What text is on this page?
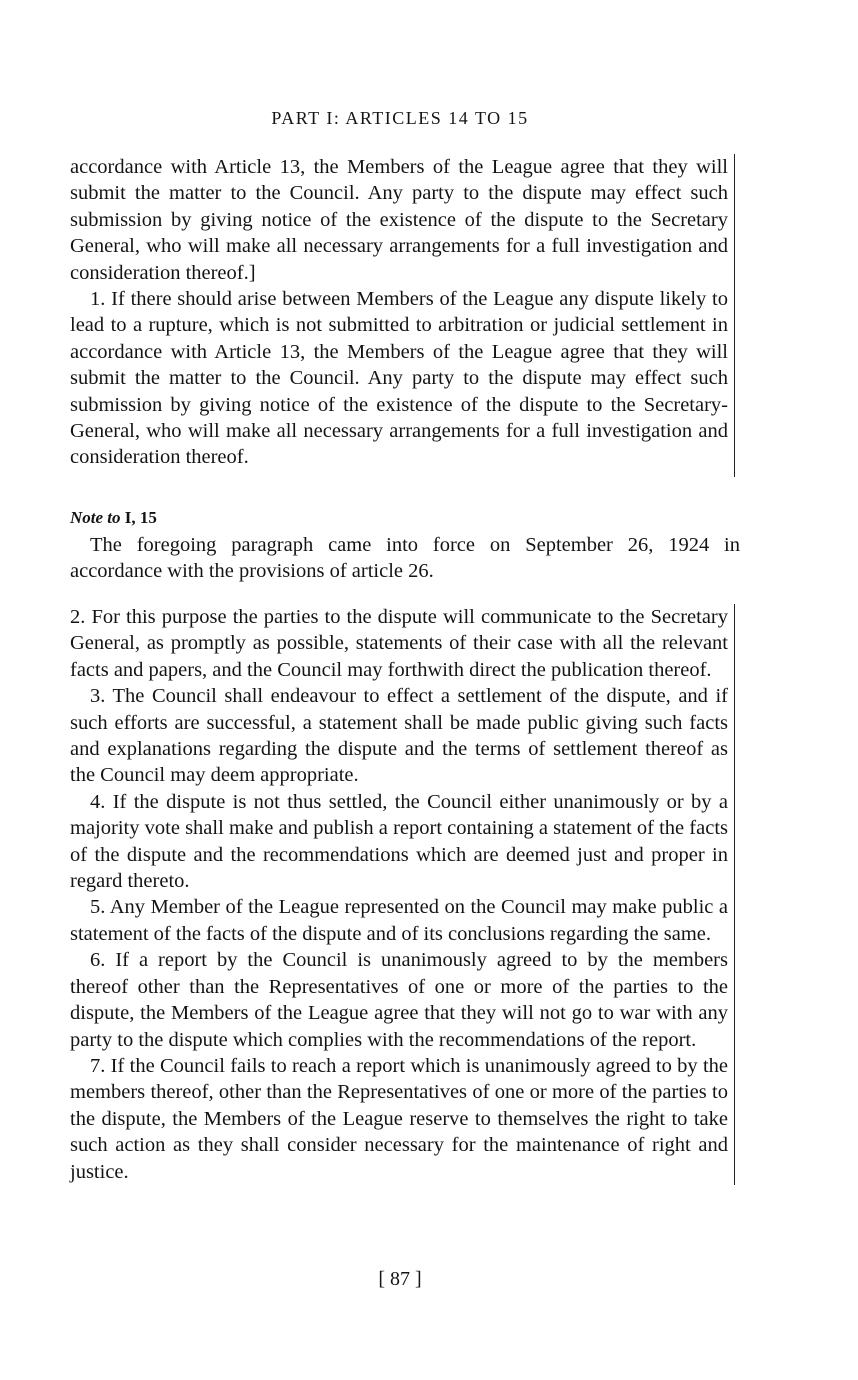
PART I: ARTICLES 14 TO 15

accordance with Article 13, the Members of the League agree that they will submit the matter to the Council. Any party to the dispute may effect such submission by giving notice of the existence of the dispute to the Secretary General, who will make all necessary arrangements for a full investigation and consideration thereof.]

1. If there should arise between Members of the League any dispute likely to lead to a rupture, which is not submitted to arbitration or judicial settlement in accordance with Article 13, the Members of the League agree that they will submit the matter to the Council. Any party to the dispute may effect such submission by giving notice of the existence of the dispute to the Secretary-General, who will make all necessary arrangements for a full investigation and consideration thereof.

Note to I, 15

The foregoing paragraph came into force on September 26, 1924 in accordance with the provisions of article 26.

2. For this purpose the parties to the dispute will communicate to the Secretary General, as promptly as possible, statements of their case with all the relevant facts and papers, and the Council may forthwith direct the publication thereof.

3. The Council shall endeavour to effect a settlement of the dispute, and if such efforts are successful, a statement shall be made public giving such facts and explanations regarding the dispute and the terms of settlement thereof as the Council may deem appropriate.

4. If the dispute is not thus settled, the Council either unanimously or by a majority vote shall make and publish a report containing a statement of the facts of the dispute and the recommendations which are deemed just and proper in regard thereto.

5. Any Member of the League represented on the Council may make public a statement of the facts of the dispute and of its conclusions regarding the same.

6. If a report by the Council is unanimously agreed to by the members thereof other than the Representatives of one or more of the parties to the dispute, the Members of the League agree that they will not go to war with any party to the dispute which complies with the recommendations of the report.

7. If the Council fails to reach a report which is unanimously agreed to by the members thereof, other than the Representatives of one or more of the parties to the dispute, the Members of the League reserve to themselves the right to take such action as they shall consider necessary for the maintenance of right and justice.

[ 87 ]
